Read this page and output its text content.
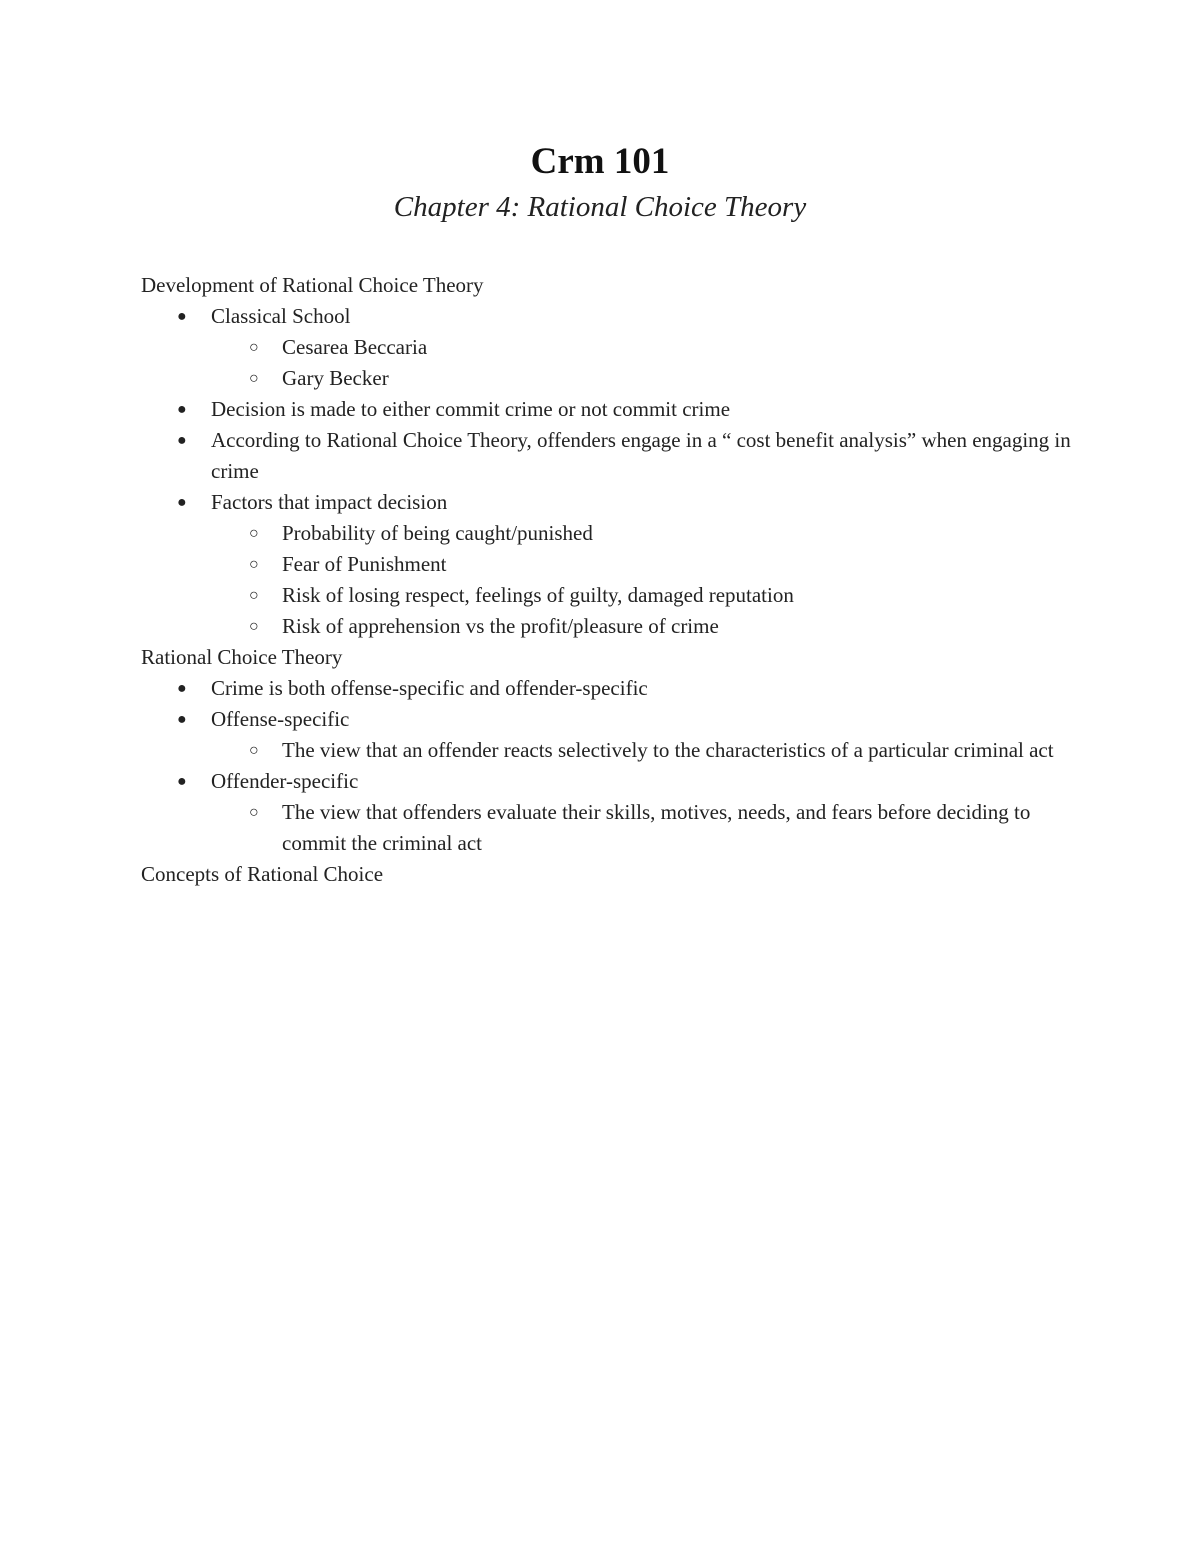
Crm 101
Chapter 4: Rational Choice Theory
Development of Rational Choice Theory
● Classical School
○ Cesarea Beccaria
○ Gary Becker
● Decision is made to either commit crime or not commit crime
● According to Rational Choice Theory, offenders engage in a “ cost benefit analysis” when engaging in crime
● Factors that impact decision
○ Probability of being caught/punished
○ Fear of Punishment
○ Risk of losing respect, feelings of guilty, damaged reputation
○ Risk of apprehension vs the profit/pleasure of crime
Rational Choice Theory
● Crime is both offense-specific and offender-specific
● Offense-specific
○ The view that an offender reacts selectively to the characteristics of a particular criminal act
● Offender-specific
○ The view that offenders evaluate their skills, motives, needs, and fears before deciding to commit the criminal act
Concepts of Rational Choice
